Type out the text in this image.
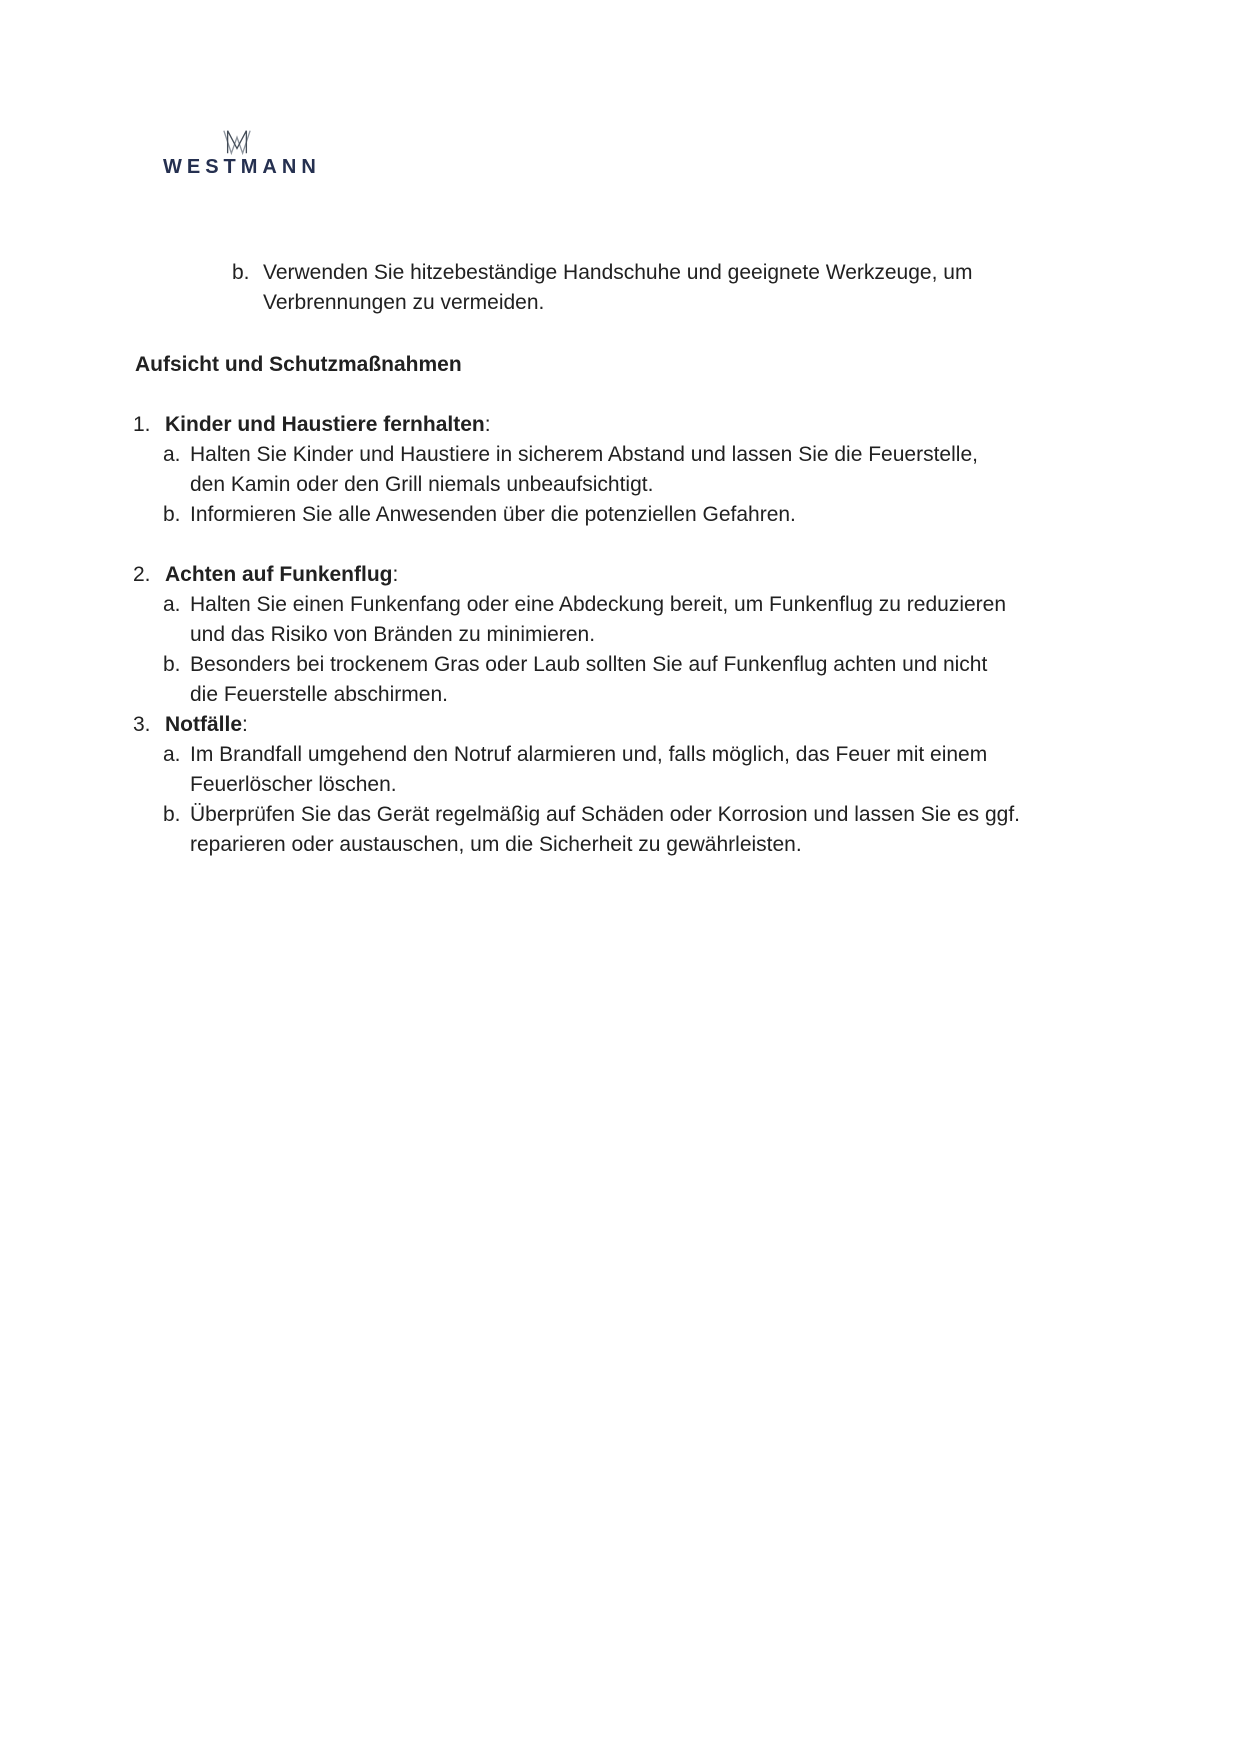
WESTMANN
b. Verwenden Sie hitzebeständige Handschuhe und geeignete Werkzeuge, um
Verbrennungen zu vermeiden.
Aufsicht und Schutzmaßnahmen
1. Kinder und Haustiere fernhalten:
a. Halten Sie Kinder und Haustiere in sicherem Abstand und lassen Sie die Feuerstelle,
den Kamin oder den Grill niemals unbeaufsichtigt.
b. Informieren Sie alle Anwesenden über die potenziellen Gefahren.
2. Achten auf Funkenflug:
a. Halten Sie einen Funkenfang oder eine Abdeckung bereit, um Funkenflug zu reduzieren
und das Risiko von Bränden zu minimieren.
b. Besonders bei trockenem Gras oder Laub sollten Sie auf Funkenflug achten und nicht
die Feuerstelle abschirmen.
3. Notfälle:
a. Im Brandfall umgehend den Notruf alarmieren und, falls möglich, das Feuer mit einem
Feuerlöscher löschen.
b. Überprüfen Sie das Gerät regelmäßig auf Schäden oder Korrosion und lassen Sie es ggf.
reparieren oder austauschen, um die Sicherheit zu gewährleisten.
